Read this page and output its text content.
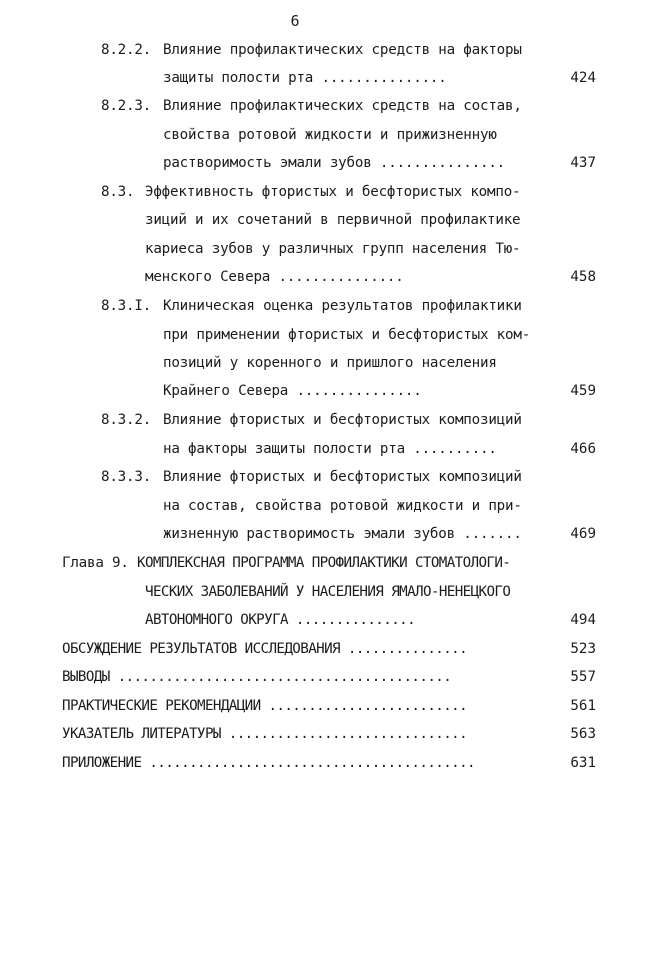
6
8.2.2. Влияние профилактических средств на факторы
защиты полости рта ...............	424
8.2.3. Влияние профилактических средств на состав,
свойства ротовой жидкости и прижизненную
растворимость эмали зубов ...............	437
8.3. Эффективность фтористых и бесфтористых компо-
зиций и их сочетаний в первичной профилактике
кариеса зубов у различных групп населения Тю-
менского Севера ...............	458
8.3.I. Клиническая оценка результатов профилактики
при применении фтористых и бесфтористых ком-
позиций у коренного и пришлого населения
Крайнего Севера ...............	459
8.3.2. Влияние фтористых и бесфтористых композиций
на факторы защиты полости рта ..........	466
8.3.3. Влияние фтористых и бесфтористых композиций
на состав, свойства ротовой жидкости и при-
жизненную растворимость эмали зубов .......	469
Глава 9. КОМПЛЕКСНАЯ ПРОГРАММА ПРОФИЛАКТИКИ СТОМАТОЛОГИ-
ЧЕСКИХ ЗАБОЛЕВАНИЙ У НАСЕЛЕНИЯ ЯМАЛО-НЕНЕЦКОГО
АВТОНОМНОГО ОКРУГА ...............	494
ОБСУЖДЕНИЕ РЕЗУЛЬТАТОВ ИССЛЕДОВАНИЯ ...............	523
ВЫВОДЫ ..........................................	557
ПРАКТИЧЕСКИЕ РЕКОМЕНДАЦИИ .........................	561
УКАЗАТЕЛЬ ЛИТЕРАТУРЫ ..............................	563
ПРИЛОЖЕНИЕ .........................................	631
